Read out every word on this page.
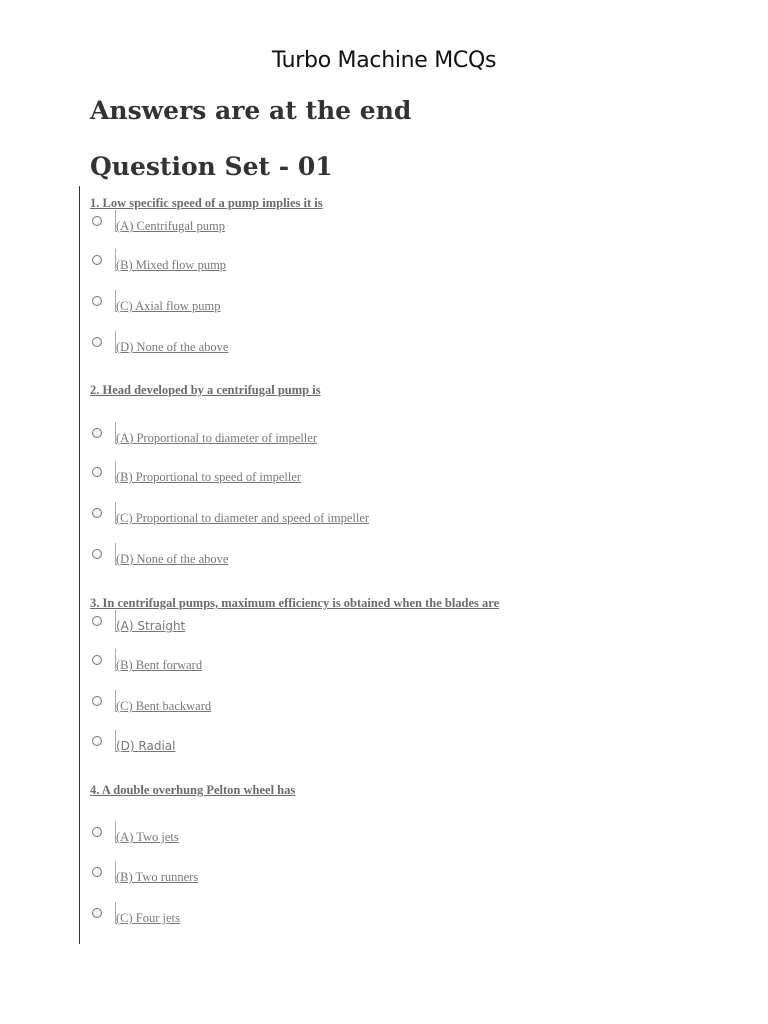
Turbo Machine MCQs
Answers are at the end
Question Set - 01
1. Low specific speed of a pump implies it is
(A) Centrifugal pump
(B) Mixed flow pump
(C) Axial flow pump
(D) None of the above
2. Head developed by a centrifugal pump is
(A) Proportional to diameter of impeller
(B) Proportional to speed of impeller
(C) Proportional to diameter and speed of impeller
(D) None of the above
3. In centrifugal pumps, maximum efficiency is obtained when the blades are
(A) Straight
(B) Bent forward
(C) Bent backward
(D) Radial
4. A double overhung Pelton wheel has
(A) Two jets
(B) Two runners
(C) Four jets
